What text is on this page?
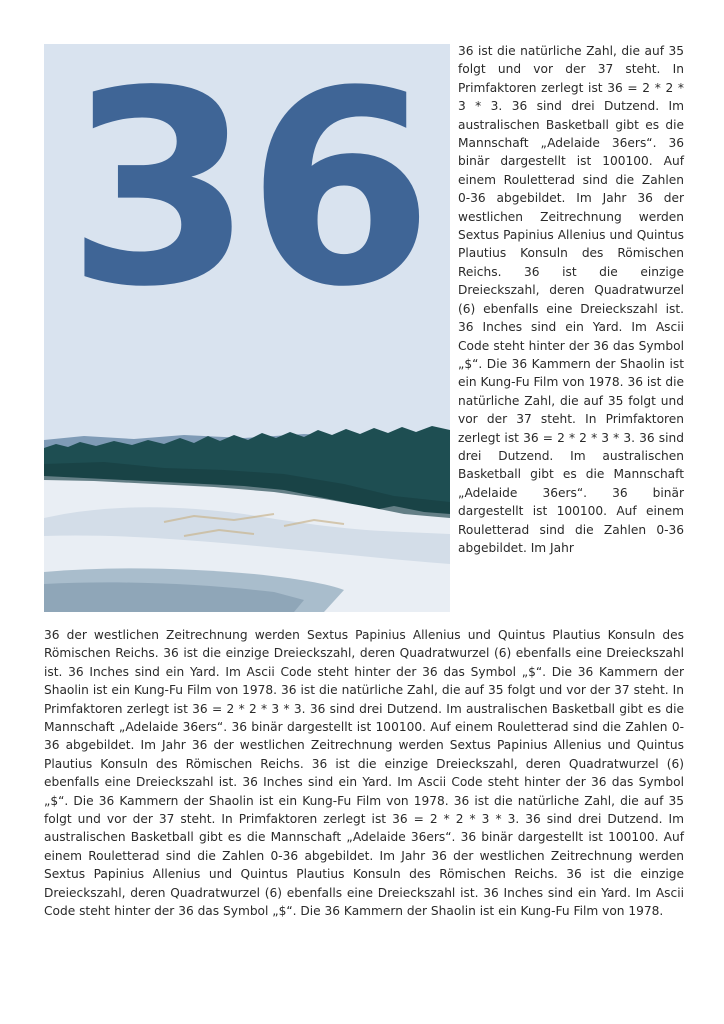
36	36 ist die natürliche Zahl, die auf 35 folgt und vor der 37 steht. In Primfaktoren zerlegt ist 36 = 2 * 2 * 3 * 3. 36 sind drei Dutzend. Im australischen Basketball gibt es die Mannschaft „Adelaide 36ers“. 36 binär dargestellt ist 100100. Auf einem Rouletterad sind die Zahlen 0-36 abgebildet. Im Jahr 36 der westlichen Zeitrechnung werden Sextus Papinius Allenius und Quintus Plautius Konsuln des Römischen Reichs. 36 ist die einzige Dreieckszahl, deren Quadratwurzel (6) ebenfalls eine Dreieckszahl ist. 36 Inches sind ein Yard. Im Ascii Code steht hinter der 36 das Symbol „$“. Die 36 Kammern der Shaolin ist ein Kung-Fu Film von 1978. 36 ist die natürliche Zahl, die auf 35 folgt und vor der 37 steht. In Primfaktoren zerlegt ist 36 = 2 * 2 * 3 * 3. 36 sind drei Dutzend. Im australischen Basketball gibt es die Mannschaft „Adelaide 36ers“. 36 binär dargestellt ist 100100. Auf einem Rouletterad sind die Zahlen 0-36 abgebildet. Im Jahr

36 der westlichen Zeitrechnung werden Sextus Papinius Allenius und Quintus Plautius Konsuln des Römischen Reichs. 36 ist die einzige Dreieckszahl, deren Quadratwurzel (6) ebenfalls eine Dreieckszahl ist. 36 Inches sind ein Yard. Im Ascii Code steht hinter der 36 das Symbol „$“. Die 36 Kammern der Shaolin ist ein Kung-Fu Film von 1978. 36 ist die natürliche Zahl, die auf 35 folgt und vor der 37 steht. In Primfaktoren zerlegt ist 36 = 2 * 2 * 3 * 3. 36 sind drei Dutzend. Im australischen Basketball gibt es die Mannschaft „Adelaide 36ers“. 36 binär dargestellt ist 100100. Auf einem Rouletterad sind die Zahlen 0-36 abgebildet. Im Jahr 36 der westlichen Zeitrechnung werden Sextus Papinius Allenius und Quintus Plautius Konsuln des Römischen Reichs. 36 ist die einzige Dreieckszahl, deren Quadratwurzel (6) ebenfalls eine Dreieckszahl ist. 36 Inches sind ein Yard. Im Ascii Code steht hinter der 36 das Symbol „$“. Die 36 Kammern der Shaolin ist ein Kung-Fu Film von 1978. 36 ist die natürliche Zahl, die auf 35 folgt und vor der 37 steht. In Primfaktoren zerlegt ist 36 = 2 * 2 * 3 * 3. 36 sind drei Dutzend. Im australischen Basketball gibt es die Mannschaft „Adelaide 36ers“. 36 binär dargestellt ist 100100. Auf einem Rouletterad sind die Zahlen 0-36 abgebildet. Im Jahr 36 der westlichen Zeitrechnung werden Sextus Papinius Allenius und Quintus Plautius Konsuln des Römischen Reichs. 36 ist die einzige Dreieckszahl, deren Quadratwurzel (6) ebenfalls eine Dreieckszahl ist. 36 Inches sind ein Yard. Im Ascii Code steht hinter der 36 das Symbol „$“. Die 36 Kammern der Shaolin ist ein Kung-Fu Film von 1978.
